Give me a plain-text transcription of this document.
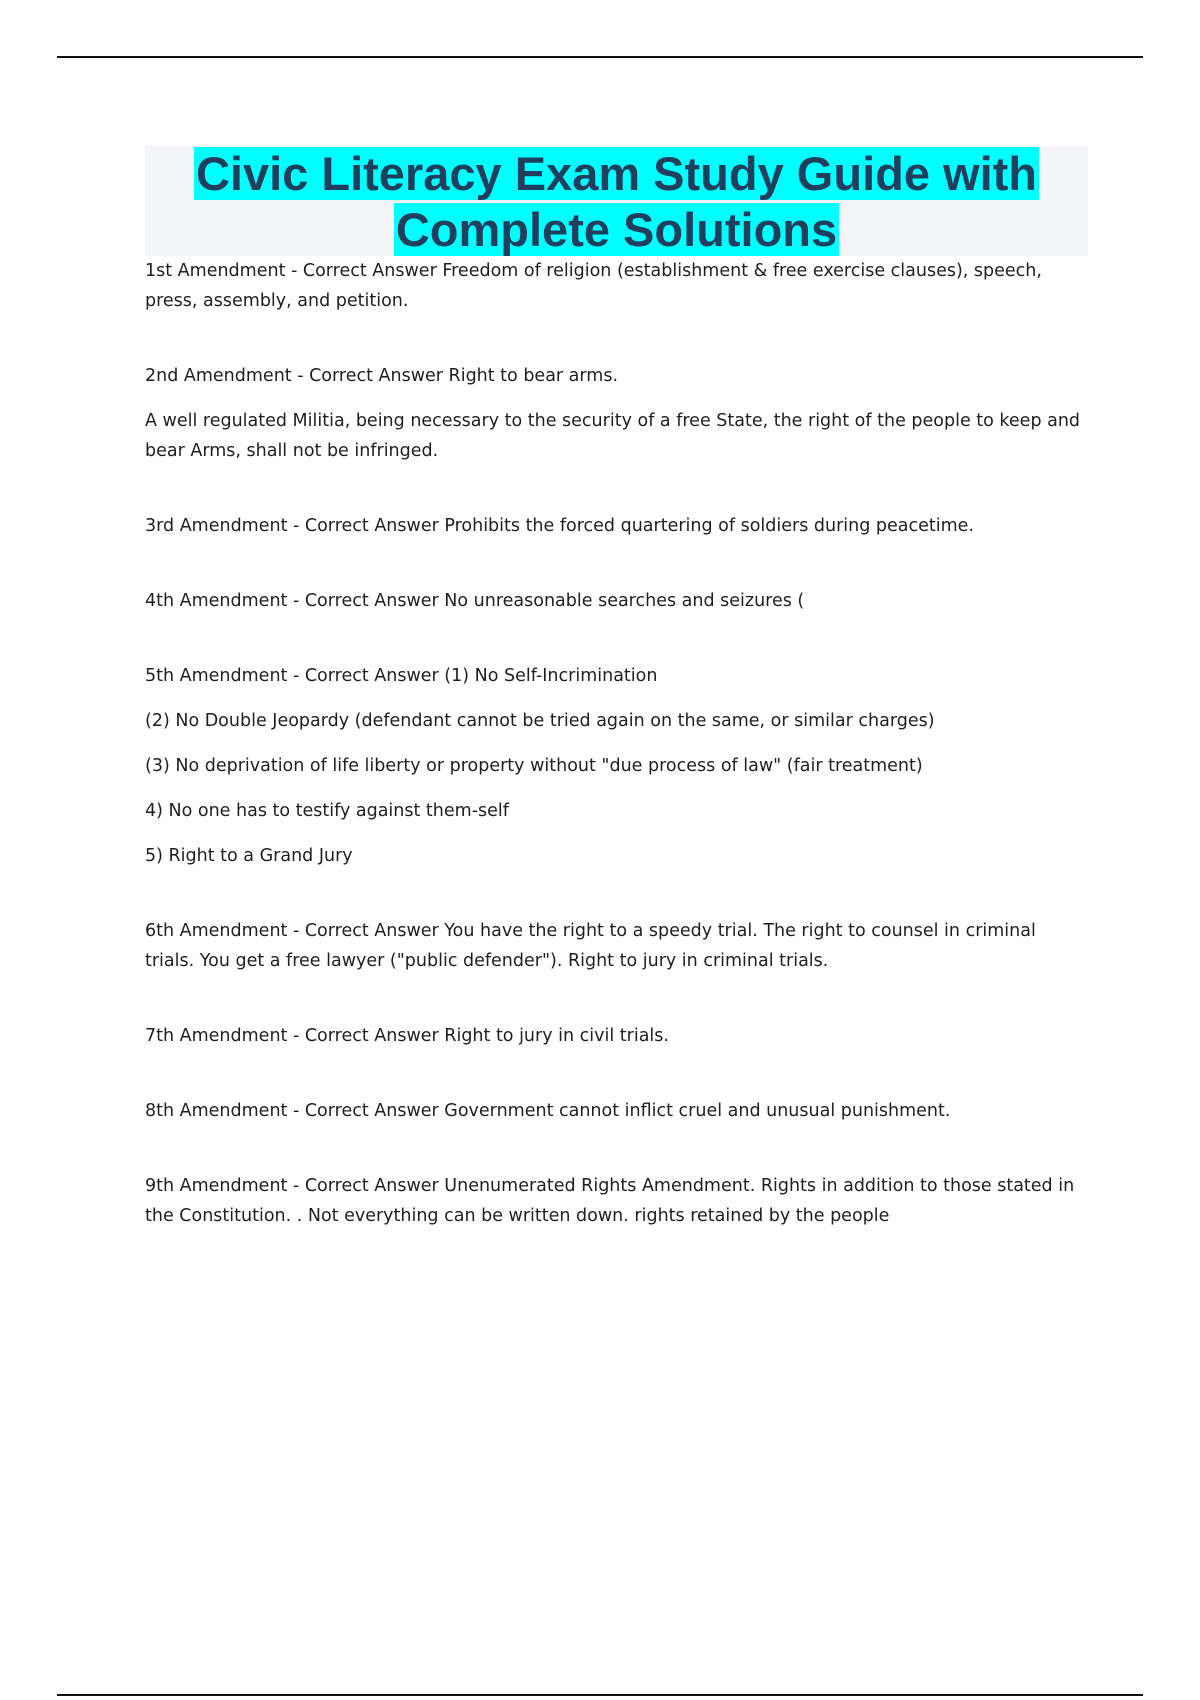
Civic Literacy Exam Study Guide with
Complete Solutions

1st Amendment - Correct Answer Freedom of religion (establishment & free exercise clauses), speech, press, assembly, and petition.

2nd Amendment - Correct Answer Right to bear arms.

A well regulated Militia, being necessary to the security of a free State, the right of the people to keep and bear Arms, shall not be infringed.

3rd Amendment - Correct Answer Prohibits the forced quartering of soldiers during peacetime.

4th Amendment - Correct Answer No unreasonable searches and seizures (

5th Amendment - Correct Answer (1) No Self-Incrimination

(2) No Double Jeopardy (defendant cannot be tried again on the same, or similar charges)

(3) No deprivation of life liberty or property without "due process of law" (fair treatment)

4) No one has to testify against them-self

5) Right to a Grand Jury

6th Amendment - Correct Answer You have the right to a speedy trial. The right to counsel in criminal trials. You get a free lawyer ("public defender"). Right to jury in criminal trials.

7th Amendment - Correct Answer Right to jury in civil trials.

8th Amendment - Correct Answer Government cannot inflict cruel and unusual punishment.

9th Amendment - Correct Answer Unenumerated Rights Amendment. Rights in addition to those stated in the Constitution. . Not everything can be written down. rights retained by the people
